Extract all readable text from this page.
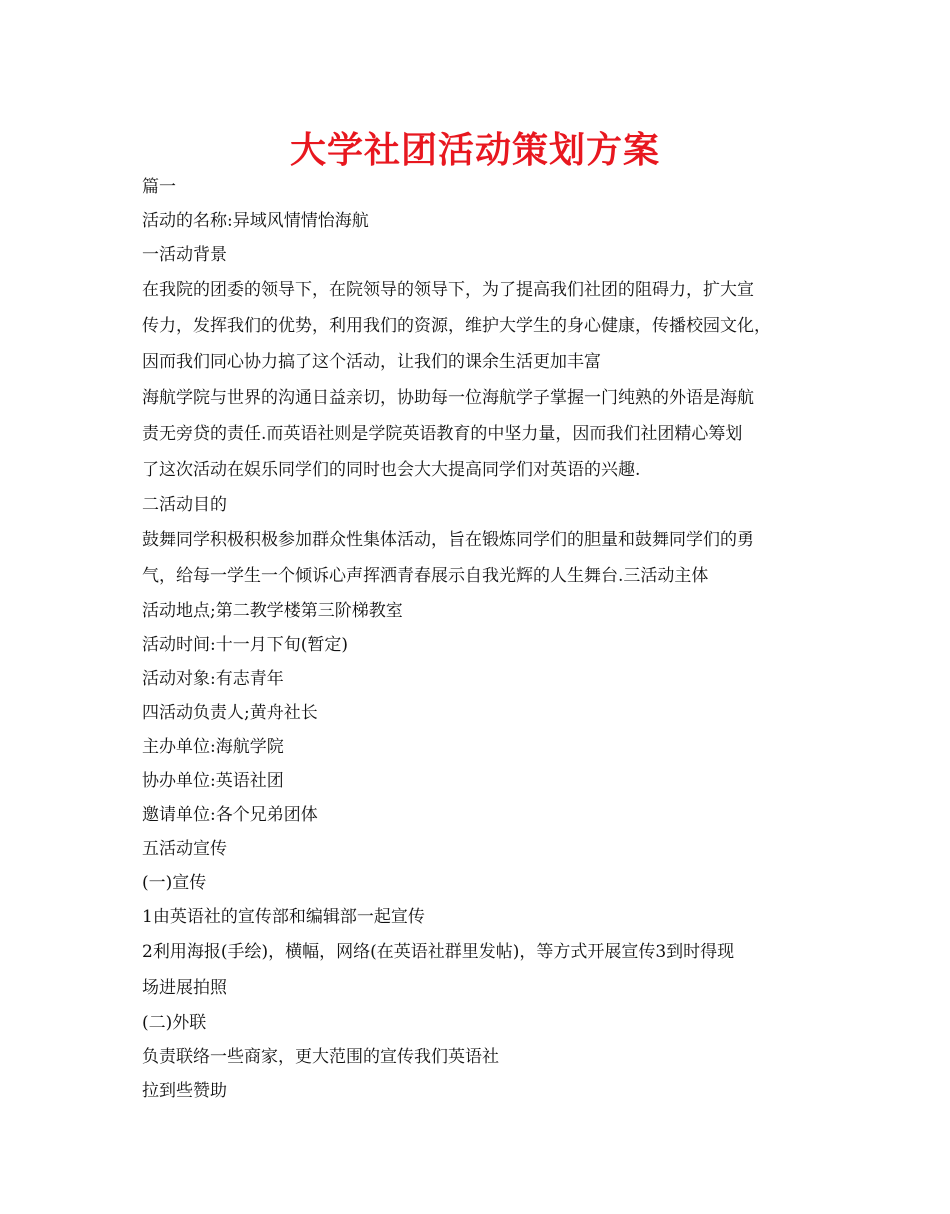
大学社团活动策划方案
篇一
活动的名称:异域风情情怡海航
一活动背景
在我院的团委的领导下，在院领导的领导下，为了提高我们社团的阻碍力，扩大宣
传力，发挥我们的优势，利用我们的资源，维护大学生的身心健康，传播校园文化，
因而我们同心协力搞了这个活动，让我们的课余生活更加丰富
海航学院与世界的沟通日益亲切，协助每一位海航学子掌握一门纯熟的外语是海航
责无旁贷的责任.而英语社则是学院英语教育的中坚力量，因而我们社团精心筹划
了这次活动在娱乐同学们的同时也会大大提高同学们对英语的兴趣.
二活动目的
鼓舞同学积极积极参加群众性集体活动，旨在锻炼同学们的胆量和鼓舞同学们的勇
气，给每一学生一个倾诉心声挥洒青春展示自我光辉的人生舞台.三活动主体
活动地点;第二教学楼第三阶梯教室
活动时间:十一月下旬(暂定)
活动对象:有志青年
四活动负责人;黄舟社长
主办单位:海航学院
协办单位:英语社团
邀请单位:各个兄弟团体
五活动宣传
(一)宣传
1由英语社的宣传部和编辑部一起宣传
2利用海报(手绘)，横幅，网络(在英语社群里发帖)，等方式开展宣传3到时得现
场进展拍照
(二)外联
负责联络一些商家，更大范围的宣传我们英语社
拉到些赞助
